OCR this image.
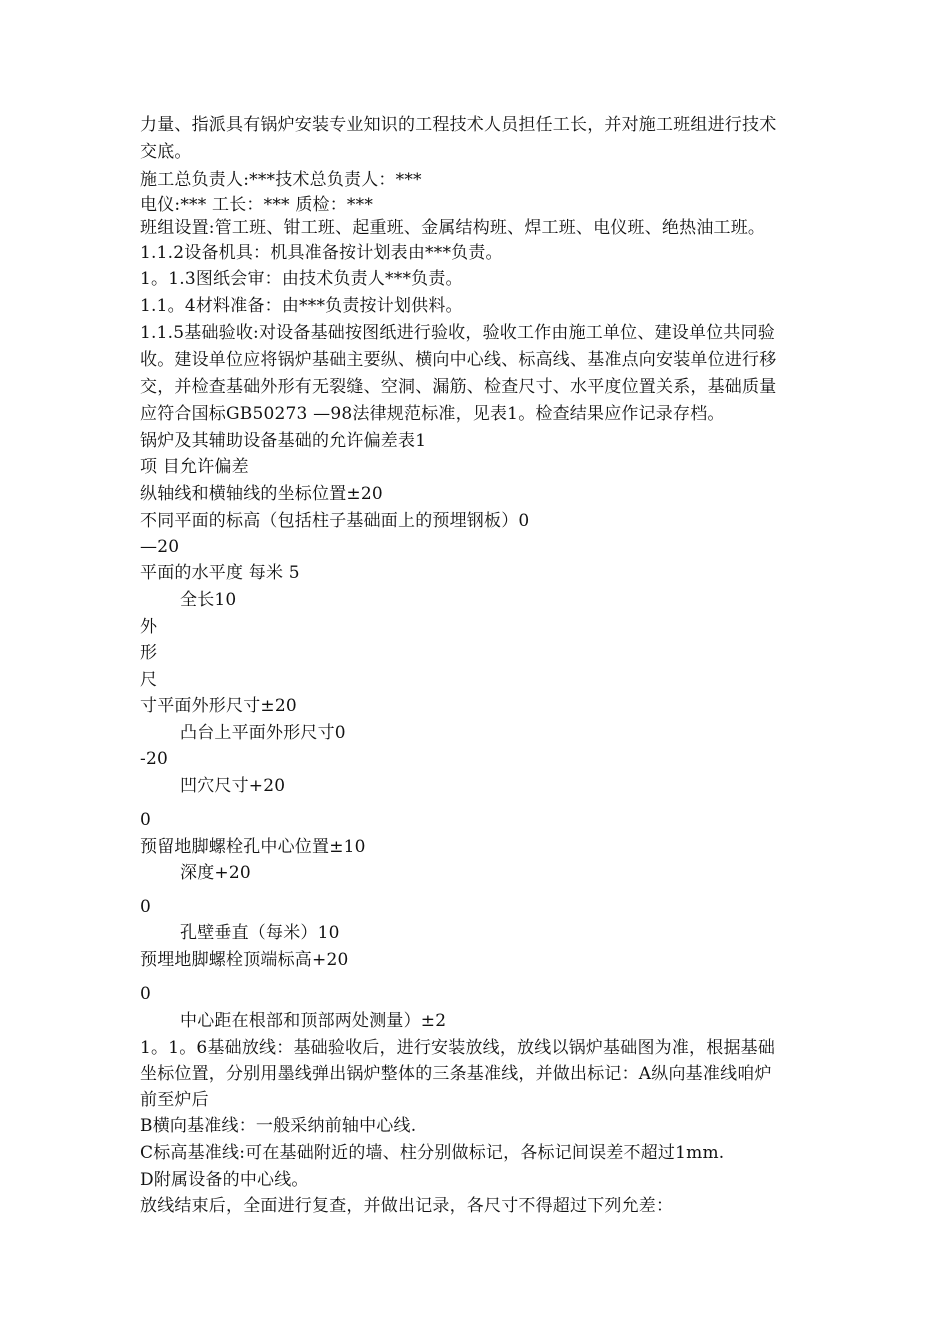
力量、指派具有锅炉安装专业知识的工程技术人员担任工长，并对施工班组进行技术
交底。
施工总负责人:***技术总负责人：***
电仪:*** 工长：*** 质检：***
班组设置:管工班、钳工班、起重班、金属结构班、焊工班、电仪班、绝热油工班。
1.1.2设备机具：机具准备按计划表由***负责。
1。1.3图纸会审：由技术负责人***负责。
1.1。4材料准备：由***负责按计划供料。
1.1.5基础验收:对设备基础按图纸进行验收，验收工作由施工单位、建设单位共同验
收。建设单位应将锅炉基础主要纵、横向中心线、标高线、基准点向安装单位进行移
交，并检查基础外形有无裂缝、空洞、漏筋、检查尺寸、水平度位置关系，基础质量
应符合国标GB50273 —98法律规范标准，见表1。检查结果应作记录存档。
锅炉及其辅助设备基础的允许偏差表1
项 目允许偏差
纵轴线和横轴线的坐标位置±20
不同平面的标高（包括柱子基础面上的预埋钢板）0
—20
平面的水平度 每米 5
全长10
外
形
尺
寸平面外形尺寸±20
凸台上平面外形尺寸0
-20
凹穴尺寸+20
0
预留地脚螺栓孔中心位置±10
深度+20
0
孔壁垂直（每米）10
预埋地脚螺栓顶端标高+20
0
中心距在根部和顶部两处测量）±2
1。1。6基础放线：基础验收后，进行安装放线，放线以锅炉基础图为准，根据基础
坐标位置，分别用墨线弹出锅炉整体的三条基准线，并做出标记：A纵向基准线咱炉
前至炉后
B横向基准线：一般采纳前轴中心线.
C标高基准线:可在基础附近的墙、柱分别做标记，各标记间误差不超过1mm.
D附属设备的中心线。
放线结束后，全面进行复查，并做出记录，各尺寸不得超过下列允差：
